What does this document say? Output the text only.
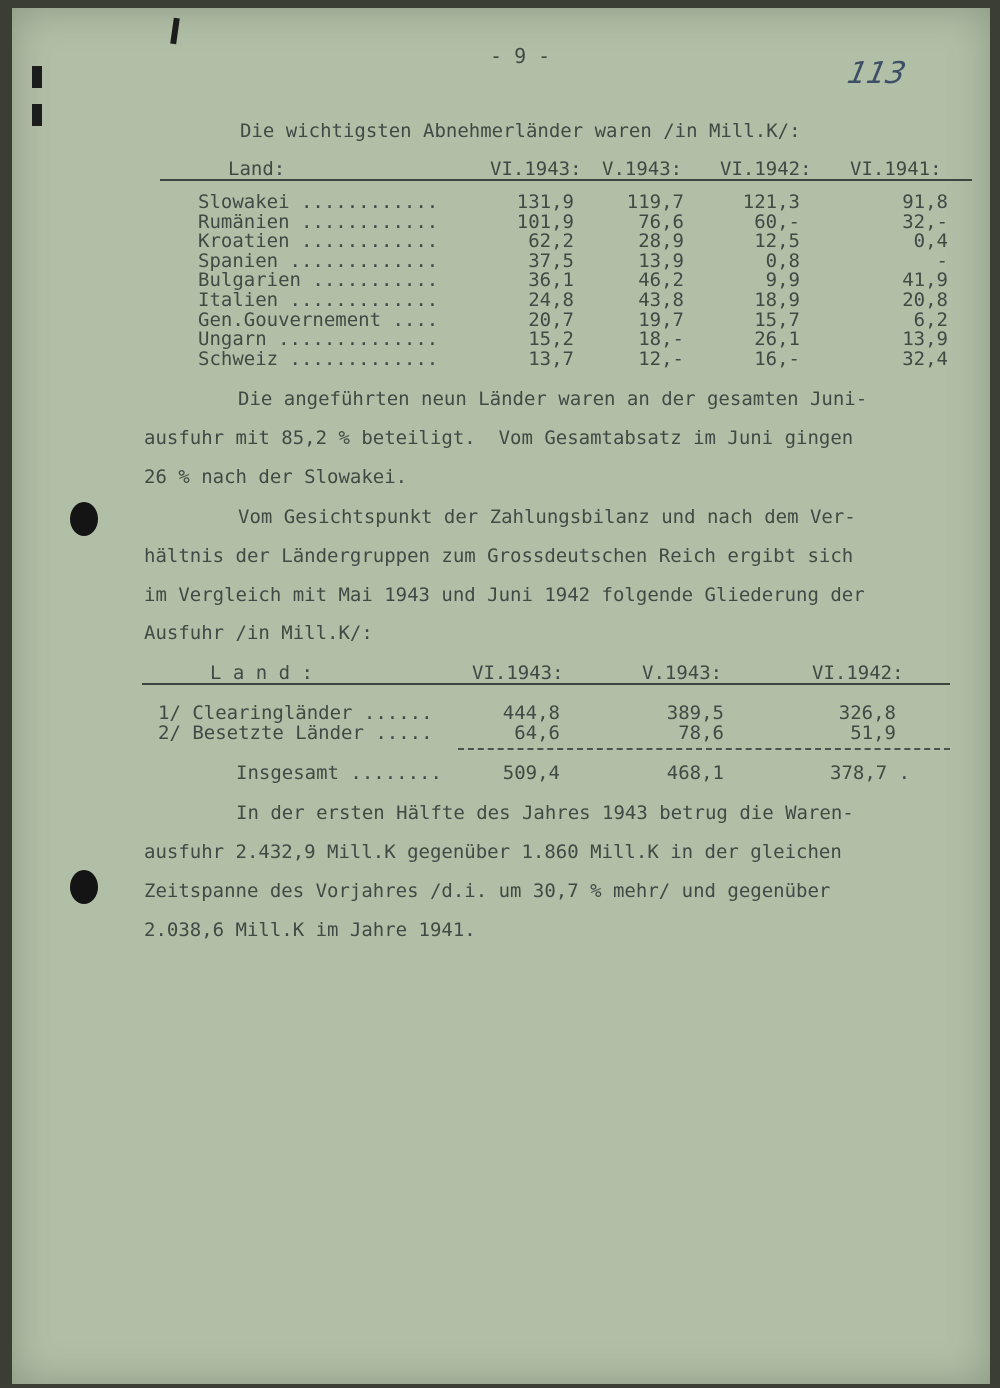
- 9 -	113
Die wichtigsten Abnehmerländer waren /in Mill.K/:
Land:	VI.1943: V.1943: VI.1942: VI.1941:
Slowakei ............	131,9	119,7	121,3	91,8
Rumänien ............	101,9	76,6	60,-	32,-
Kroatien ............	62,2	28,9	12,5	0,4
Spanien .............	37,5	13,9	0,8	-
Bulgarien ...........	36,1	46,2	9,9	41,9
Italien .............	24,8	43,8	18,9	20,8
Gen.Gouvernement ....	20,7	19,7	15,7	6,2
Ungarn ..............	15,2	18,-	26,1	13,9
Schweiz .............	13,7	12,-	16,-	32,4
Die angeführten neun Länder waren an der gesamten Juni-
ausfuhr mit 85,2 % beteiligt.  Vom Gesamtabsatz im Juni gingen
26 % nach der Slowakei.
Vom Gesichtspunkt der Zahlungsbilanz und nach dem Ver-
hältnis der Ländergruppen zum Grossdeutschen Reich ergibt sich
im Vergleich mit Mai 1943 und Juni 1942 folgende Gliederung der
Ausfuhr /in Mill.K/:
L a n d :	VI.1943:	V.1943:	VI.1942:
1/ Clearingländer ......	444,8	389,5	326,8
2/ Besetzte Länder .....	64,6	78,6	51,9
Insgesamt ........	509,4	468,1	378,7 .
In der ersten Hälfte des Jahres 1943 betrug die Waren-
ausfuhr 2.432,9 Mill.K gegenüber 1.860 Mill.K in der gleichen
Zeitspanne des Vorjahres /d.i. um 30,7 % mehr/ und gegenüber
2.038,6 Mill.K im Jahre 1941.
